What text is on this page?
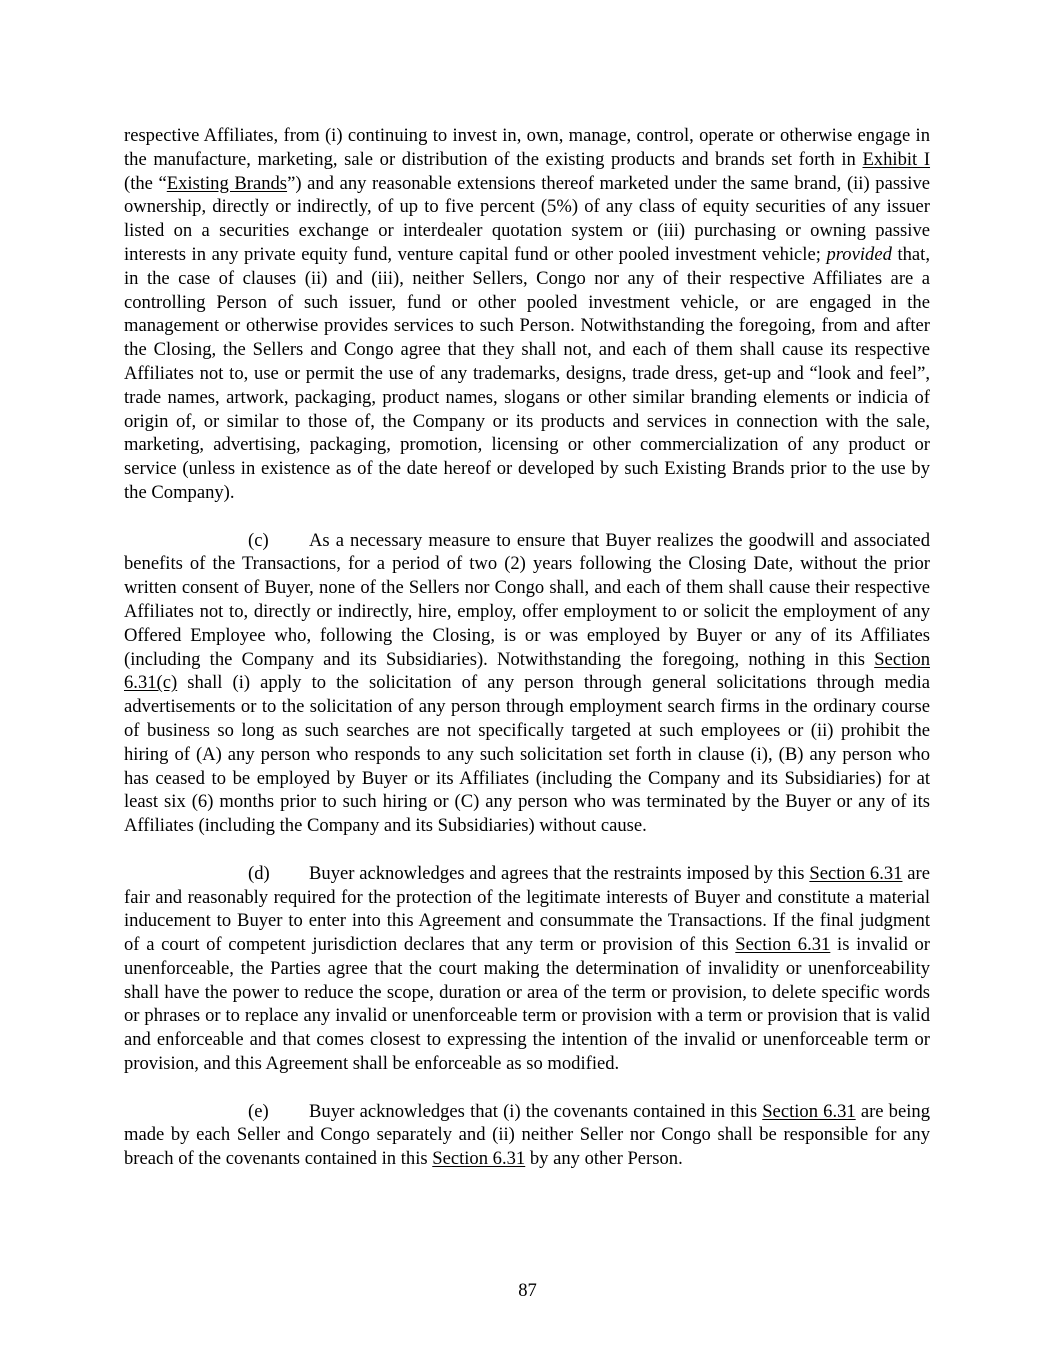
respective Affiliates, from (i) continuing to invest in, own, manage, control, operate or otherwise engage in the manufacture, marketing, sale or distribution of the existing products and brands set forth in Exhibit I (the “Existing Brands”) and any reasonable extensions thereof marketed under the same brand, (ii) passive ownership, directly or indirectly, of up to five percent (5%) of any class of equity securities of any issuer listed on a securities exchange or interdealer quotation system or (iii) purchasing or owning passive interests in any private equity fund, venture capital fund or other pooled investment vehicle; provided that, in the case of clauses (ii) and (iii), neither Sellers, Congo nor any of their respective Affiliates are a controlling Person of such issuer, fund or other pooled investment vehicle, or are engaged in the management or otherwise provides services to such Person. Notwithstanding the foregoing, from and after the Closing, the Sellers and Congo agree that they shall not, and each of them shall cause its respective Affiliates not to, use or permit the use of any trademarks, designs, trade dress, get-up and “look and feel”, trade names, artwork, packaging, product names, slogans or other similar branding elements or indicia of origin of, or similar to those of, the Company or its products and services in connection with the sale, marketing, advertising, packaging, promotion, licensing or other commercialization of any product or service (unless in existence as of the date hereof or developed by such Existing Brands prior to the use by the Company).

(c) As a necessary measure to ensure that Buyer realizes the goodwill and associated benefits of the Transactions, for a period of two (2) years following the Closing Date, without the prior written consent of Buyer, none of the Sellers nor Congo shall, and each of them shall cause their respective Affiliates not to, directly or indirectly, hire, employ, offer employment to or solicit the employment of any Offered Employee who, following the Closing, is or was employed by Buyer or any of its Affiliates (including the Company and its Subsidiaries). Notwithstanding the foregoing, nothing in this Section 6.31(c) shall (i) apply to the solicitation of any person through general solicitations through media advertisements or to the solicitation of any person through employment search firms in the ordinary course of business so long as such searches are not specifically targeted at such employees or (ii) prohibit the hiring of (A) any person who responds to any such solicitation set forth in clause (i), (B) any person who has ceased to be employed by Buyer or its Affiliates (including the Company and its Subsidiaries) for at least six (6) months prior to such hiring or (C) any person who was terminated by the Buyer or any of its Affiliates (including the Company and its Subsidiaries) without cause.

(d) Buyer acknowledges and agrees that the restraints imposed by this Section 6.31 are fair and reasonably required for the protection of the legitimate interests of Buyer and constitute a material inducement to Buyer to enter into this Agreement and consummate the Transactions. If the final judgment of a court of competent jurisdiction declares that any term or provision of this Section 6.31 is invalid or unenforceable, the Parties agree that the court making the determination of invalidity or unenforceability shall have the power to reduce the scope, duration or area of the term or provision, to delete specific words or phrases or to replace any invalid or unenforceable term or provision with a term or provision that is valid and enforceable and that comes closest to expressing the intention of the invalid or unenforceable term or provision, and this Agreement shall be enforceable as so modified.

(e) Buyer acknowledges that (i) the covenants contained in this Section 6.31 are being made by each Seller and Congo separately and (ii) neither Seller nor Congo shall be responsible for any breach of the covenants contained in this Section 6.31 by any other Person.

87
